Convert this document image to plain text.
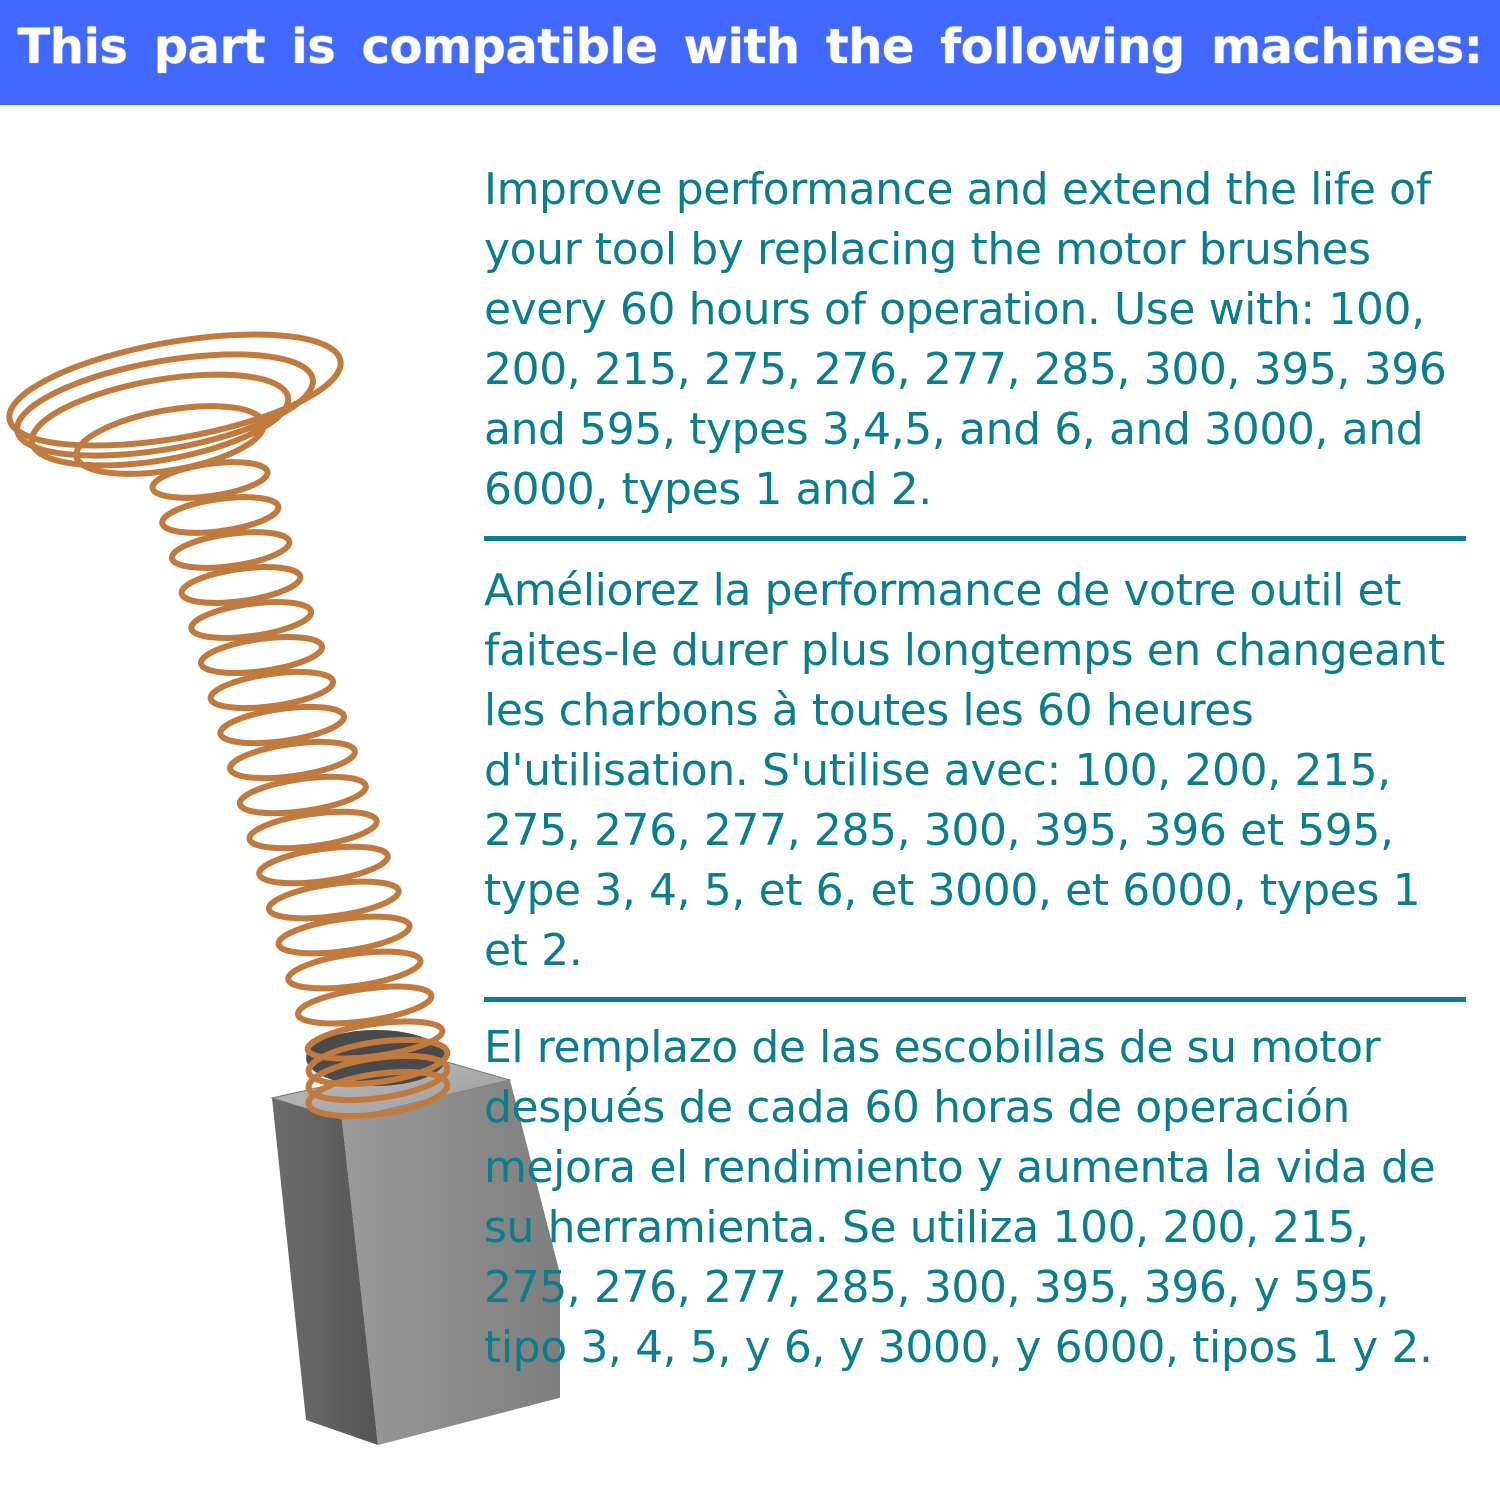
This part is compatible with the following machines:

Improve performance and extend the life of your tool by replacing the motor brushes every 60 hours of operation. Use with: 100, 200, 215, 275, 276, 277, 285, 300, 395, 396 and 595, types 3,4,5, and 6, and 3000, and 6000, types 1 and 2.

Améliorez la performance de votre outil et faites-le durer plus longtemps en changeant les charbons à toutes les 60 heures d'utilisation. S'utilise avec: 100, 200, 215, 275, 276, 277, 285, 300, 395, 396 et 595, type 3, 4, 5, et 6, et 3000, et 6000, types 1 et 2.

El remplazo de las escobillas de su motor después de cada 60 horas de operación mejora el rendimiento y aumenta la vida de su herramienta. Se utiliza 100, 200, 215, 275, 276, 277, 285, 300, 395, 396, y 595, tipo 3, 4, 5, y 6, y 3000, y 6000, tipos 1 y 2.
